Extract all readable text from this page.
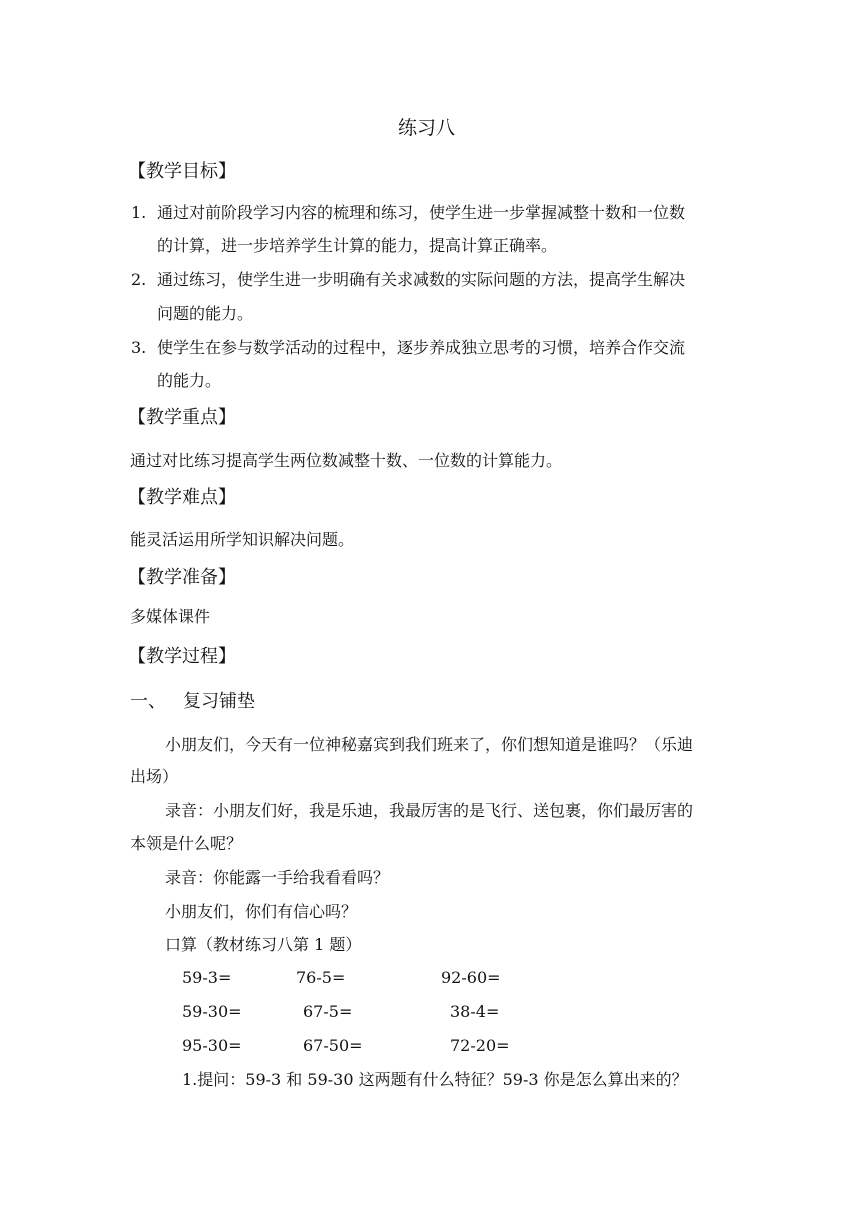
练习八
【教学目标】
1. 通过对前阶段学习内容的梳理和练习，使学生进一步掌握减整十数和一位数
的计算，进一步培养学生计算的能力，提高计算正确率。
2. 通过练习，使学生进一步明确有关求减数的实际问题的方法，提高学生解决
问题的能力。
3. 使学生在参与数学活动的过程中，逐步养成独立思考的习惯，培养合作交流
的能力。
【教学重点】
通过对比练习提高学生两位数减整十数、一位数的计算能力。
【教学难点】
能灵活运用所学知识解决问题。
【教学准备】
多媒体课件
【教学过程】
一、 复习铺垫
小朋友们，今天有一位神秘嘉宾到我们班来了，你们想知道是谁吗？（乐迪
出场）
录音：小朋友们好，我是乐迪，我最厉害的是飞行、送包裹，你们最厉害的
本领是什么呢？
录音：你能露一手给我看看吗？
小朋友们，你们有信心吗？
口算（教材练习八第 1 题）
59-3=	76-5=	92-60=
59-30=	67-5=	38-4=
95-30=	67-50=	72-20=
1.提问：59-3 和 59-30 这两题有什么特征？59-3 你是怎么算出来的？
